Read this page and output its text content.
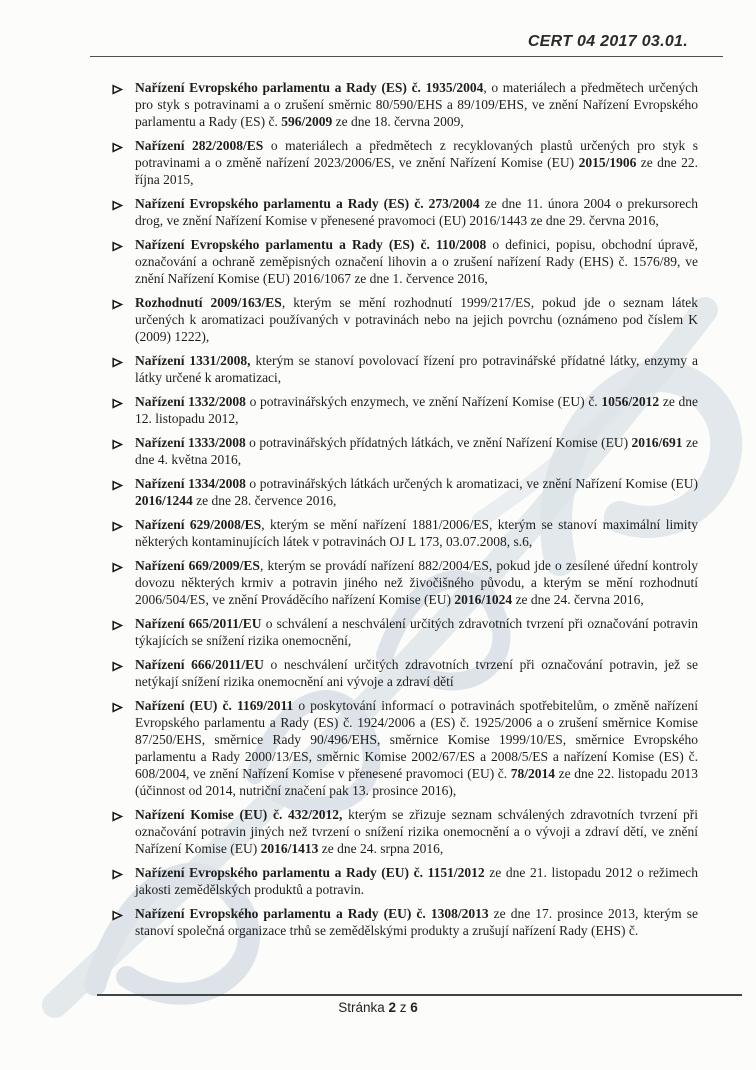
CERT 04 2017 03.01.
Nařízení Evropského parlamentu a Rady (ES) č. 1935/2004, o materiálech a předmětech určených pro styk s potravinami a o zrušení směrnic 80/590/EHS a 89/109/EHS, ve znění Nařízení Evropského parlamentu a Rady (ES) č. 596/2009 ze dne 18. června 2009,
Nařízení 282/2008/ES o materiálech a předmětech z recyklovaných plastů určených pro styk s potravinami a o změně nařízení 2023/2006/ES, ve znění Nařízení Komise (EU) 2015/1906 ze dne 22. října 2015,
Nařízení Evropského parlamentu a Rady (ES) č. 273/2004 ze dne 11. února 2004 o prekursorech drog, ve znění Nařízení Komise v přenesené pravomoci (EU) 2016/1443 ze dne 29. června 2016,
Nařízení Evropského parlamentu a Rady (ES) č. 110/2008 o definici, popisu, obchodní úpravě, označování a ochraně zeměpisných označení lihovin a o zrušení nařízení Rady (EHS) č. 1576/89, ve znění Nařízení Komise (EU) 2016/1067 ze dne 1. července 2016,
Rozhodnutí 2009/163/ES, kterým se mění rozhodnutí 1999/217/ES, pokud jde o seznam látek určených k aromatizaci používaných v potravinách nebo na jejich povrchu (oznámeno pod číslem K (2009) 1222),
Nařízení 1331/2008, kterým se stanoví povolovací řízení pro potravinářské přídatné látky, enzymy a látky určené k aromatizaci,
Nařízení 1332/2008 o potravinářských enzymech, ve znění Nařízení Komise (EU) č. 1056/2012 ze dne 12. listopadu 2012,
Nařízení 1333/2008 o potravinářských přídatných látkách, ve znění Nařízení Komise (EU) 2016/691 ze dne 4. května 2016,
Nařízení 1334/2008 o potravinářských látkách určených k aromatizaci, ve znění Nařízení Komise (EU) 2016/1244 ze dne 28. července 2016,
Nařízení 629/2008/ES, kterým se mění nařízení 1881/2006/ES, kterým se stanoví maximální limity některých kontaminujících látek v potravinách OJ L 173, 03.07.2008, s.6,
Nařízení 669/2009/ES, kterým se provádí nařízení 882/2004/ES, pokud jde o zesílené úřední kontroly dovozu některých krmiv a potravin jiného než živočišného původu, a kterým se mění rozhodnutí 2006/504/ES, ve znění Prováděcího nařízení Komise (EU) 2016/1024 ze dne 24. června 2016,
Nařízení 665/2011/EU o schválení a neschválení určitých zdravotních tvrzení při označování potravin týkajících se snížení rizika onemocnění,
Nařízení 666/2011/EU o neschválení určitých zdravotních tvrzení při označování potravin, jež se netýkají snížení rizika onemocnění ani vývoje a zdraví dětí
Nařízení (EU) č. 1169/2011 o poskytování informací o potravinách spotřebitelům, o změně nařízení Evropského parlamentu a Rady (ES) č. 1924/2006 a (ES) č. 1925/2006 a o zrušení směrnice Komise 87/250/EHS, směrnice Rady 90/496/EHS, směrnice Komise 1999/10/ES, směrnice Evropského parlamentu a Rady 2000/13/ES, směrnic Komise 2002/67/ES a 2008/5/ES a nařízení Komise (ES) č. 608/2004, ve znění Nařízení Komise v přenesené pravomoci (EU) č. 78/2014 ze dne 22. listopadu 2013 (účinnost od 2014, nutriční značení pak 13. prosince 2016),
Nařízení Komise (EU) č. 432/2012, kterým se zřizuje seznam schválených zdravotních tvrzení při označování potravin jiných než tvrzení o snížení rizika onemocnění a o vývoji a zdraví dětí, ve znění Nařízení Komise (EU) 2016/1413 ze dne 24. srpna 2016,
Nařízení Evropského parlamentu a Rady (EU) č. 1151/2012 ze dne 21. listopadu 2012 o režimech jakosti zemědělských produktů a potravin.
Nařízení Evropského parlamentu a Rady (EU) č. 1308/2013 ze dne 17. prosince 2013, kterým se stanoví společná organizace trhů se zemědělskými produkty a zrušují nařízení Rady (EHS) č.
Stránka 2 z 6
